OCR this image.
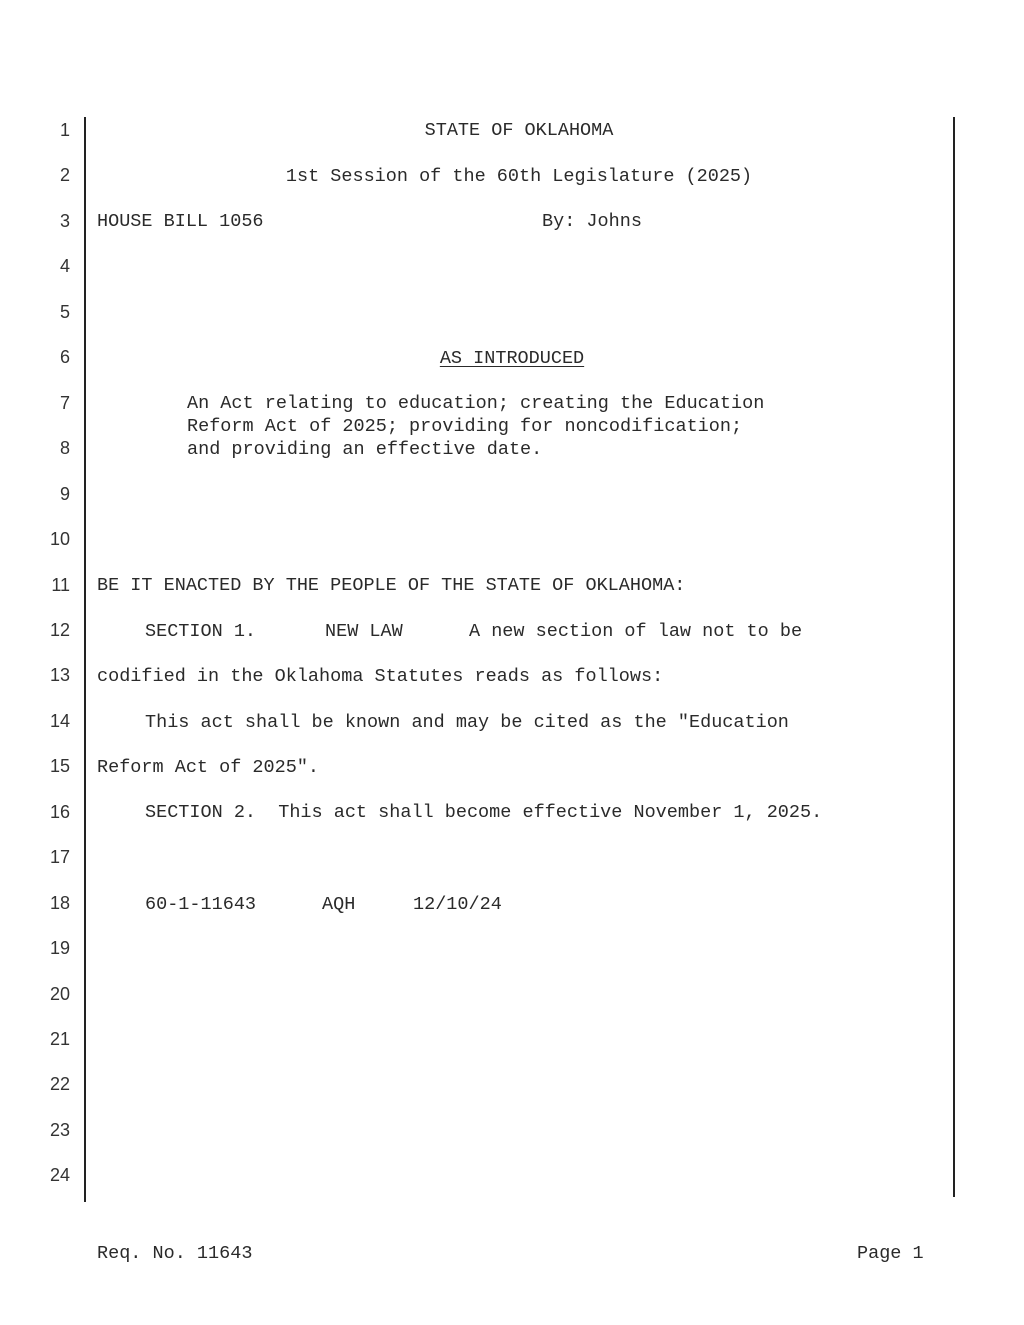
1
2
3
4
5
6
7
8
9
10
11
12
13
14
15
16
17
18
19
20
21
22
23
24
STATE OF OKLAHOMA
1st Session of the 60th Legislature (2025)
HOUSE BILL 1056	By: Johns
AS INTRODUCED
An Act relating to education; creating the Education
Reform Act of 2025; providing for noncodification;
and providing an effective date.
BE IT ENACTED BY THE PEOPLE OF THE STATE OF OKLAHOMA:
SECTION 1.	NEW LAW	A new section of law not to be
codified in the Oklahoma Statutes reads as follows:
This act shall be known and may be cited as the "Education
Reform Act of 2025".
SECTION 2.  This act shall become effective November 1, 2025.
60-1-11643	AQH	12/10/24
Req. No. 11643	Page 1
